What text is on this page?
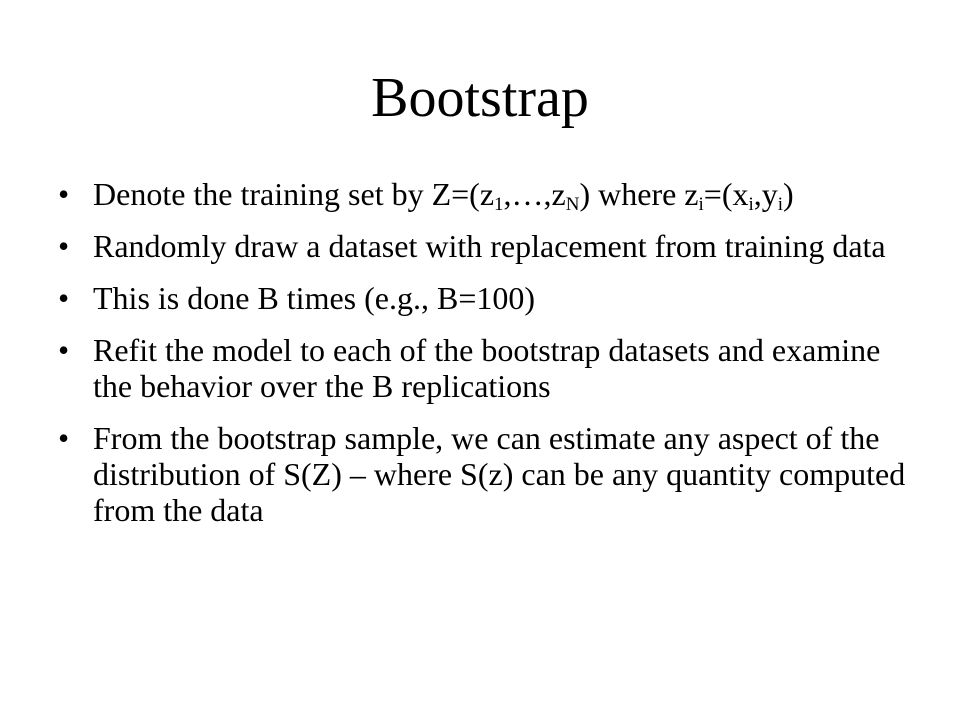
Bootstrap
• Denote the training set by $Z=(z_1,\dots,z_N)$ where $z_i=(x_i,y_i)$
• Randomly draw a dataset with replacement from training data
• This is done B times (e.g., B=100)
• Refit the model to each of the bootstrap datasets and examine the behavior over the B replications
• From the bootstrap sample, we can estimate any aspect of the distribution of S(Z) – where S(z) can be any quantity computed from the data
